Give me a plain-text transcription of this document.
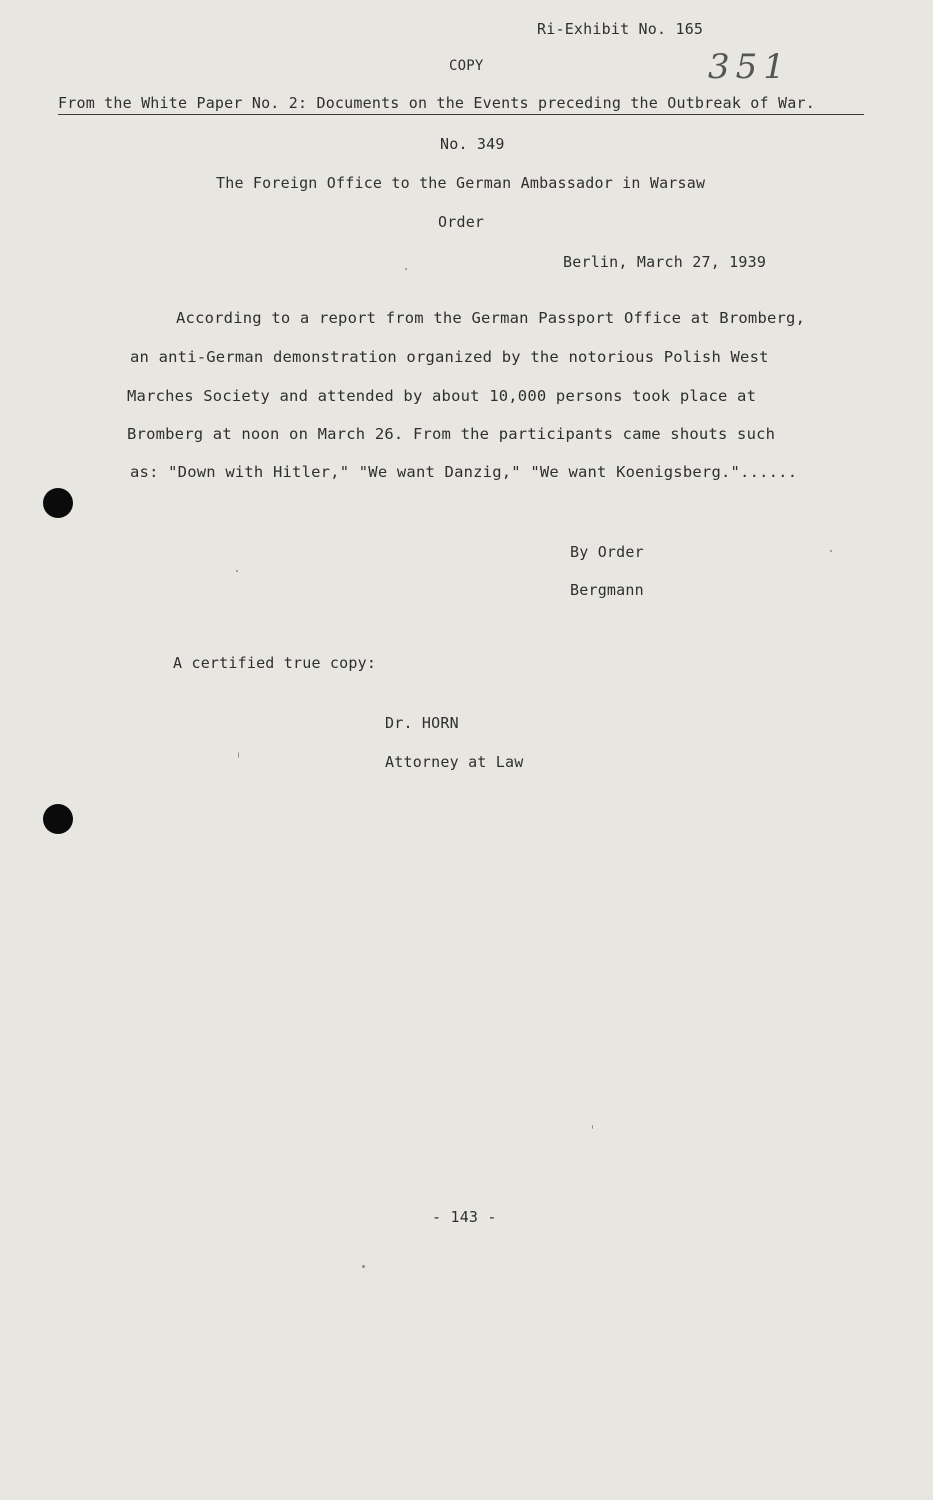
Ri-Exhibit No. 165
COPY	351
From the White Paper No. 2: Documents on the Events preceding the Outbreak of War.
No. 349
The Foreign Office to the German Ambassador in Warsaw
Order
Berlin, March 27, 1939
According to a report from the German Passport Office at Bromberg,
an anti-German demonstration organized by the notorious Polish West
Marches Society and attended by about 10,000 persons took place at
Bromberg at noon on March 26. From the participants came shouts such
as: "Down with Hitler," "We want Danzig," "We want Koenigsberg."......
By Order
Bergmann
A certified true copy:
Dr. HORN
Attorney at Law
- 143 -
